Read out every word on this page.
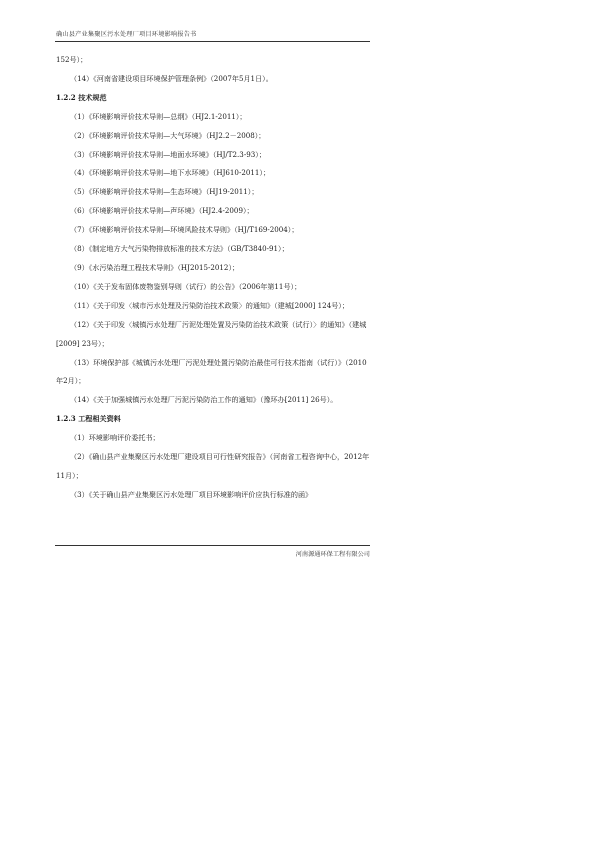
确山县产业集聚区污水处理厂项目环境影响报告书
152号）；
（14）《河南省建设项目环境保护管理条例》（2007年5月1日）。
1.2.2 技术规范
（1）《环境影响评价技术导则—总纲》（HJ2.1-2011）；
（2）《环境影响评价技术导则—大气环境》（HJ2.2－2008）；
（3）《环境影响评价技术导则—地面水环境》（HJ/T2.3-93）；
（4）《环境影响评价技术导则—地下水环境》（HJ610-2011）；
（5）《环境影响评价技术导则—生态环境》（HJ19-2011）；
（6）《环境影响评价技术导则—声环境》（HJ2.4-2009）；
（7）《环境影响评价技术导则—环境风险技术导则》（HJ/T169-2004）；
（8）《制定地方大气污染物排放标准的技术方法》（GB/T3840-91）；
（9）《水污染治理工程技术导则》（HJ2015-2012）；
（10）《关于发布固体废物鉴别导则（试行）的公告》（2006年第11号）；
（11）《关于印发〈城市污水处理及污染防治技术政策〉的通知》（建城[2000] 124号）；
（12）《关于印发〈城镇污水处理厂污泥处理处置及污染防治技术政策（试行）〉的通知》（建城[2009] 23号）；
（13）环境保护部《城镇污水处理厂污泥处理处置污染防治最佳可行技术指南（试行）》（2010年2月）；
（14）《关于加强城镇污水处理厂污泥污染防治工作的通知》（豫环办[2011] 26号）。
1.2.3 工程相关资料
（1）环境影响评价委托书；
（2）《确山县产业集聚区污水处理厂建设项目可行性研究报告》（河南省工程咨询中心，2012年11月）；
（3）《关于确山县产业集聚区污水处理厂项目环境影响评价应执行标准的函》
河南源通环保工程有限公司
